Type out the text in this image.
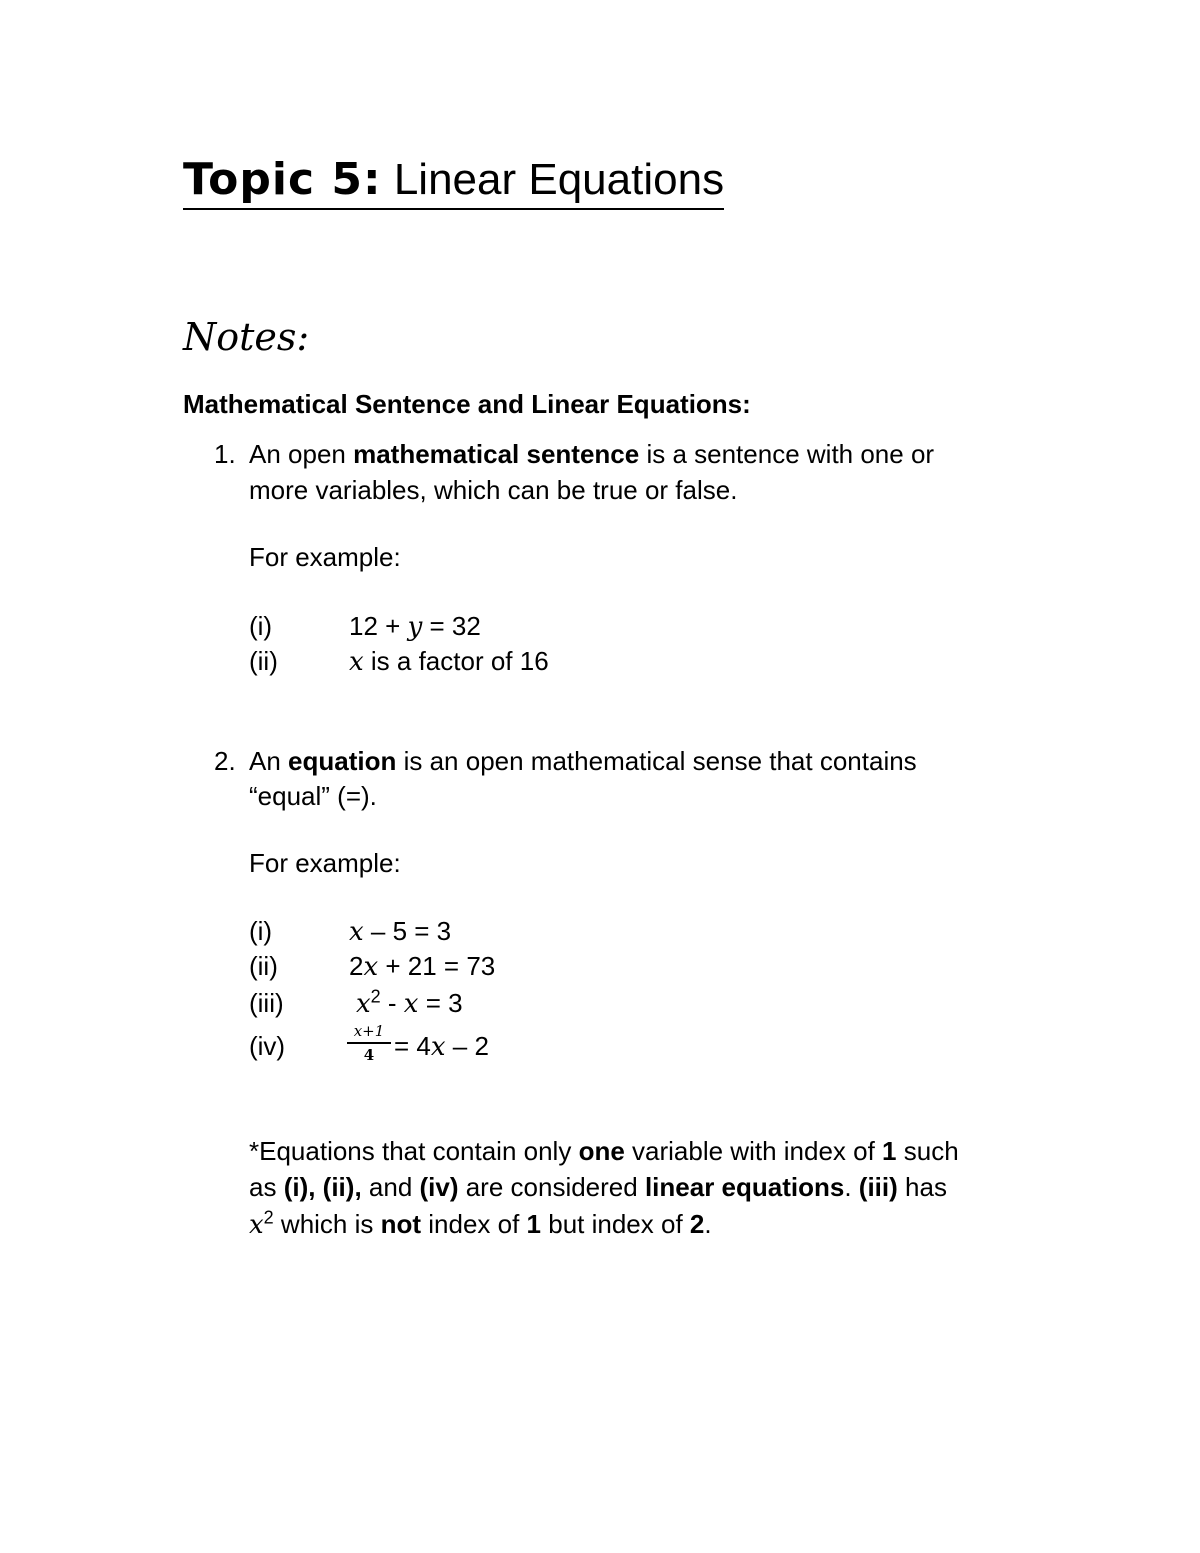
Topic 5: Linear Equations
Notes:
Mathematical Sentence and Linear Equations:
1. An open mathematical sentence is a sentence with one or
more variables, which can be true or false.
For example:
(i)	12 + y = 32
(ii)	x is a factor of 16
2. An equation is an open mathematical sense that contains
“equal” (=).
For example:
(i)	x – 5 = 3
(ii)	2x + 21 = 73
(iii)	$x^2 - x = 3$
(iv)	x+1
4 = 4x – 2
*Equations that contain only one variable with index of 1 such
as (i), (ii), and (iv) are considered linear equations. (iii) has
$x^2$ which is not index of 1 but index of 2.
